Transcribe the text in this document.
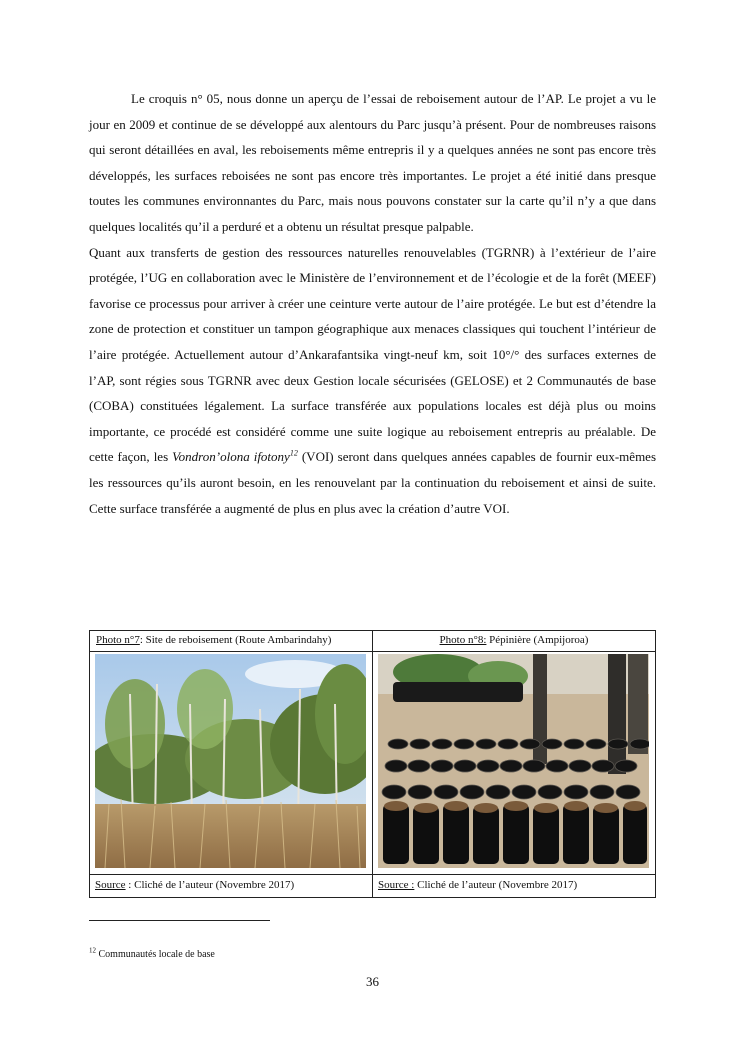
Le croquis n° 05, nous donne un aperçu de l’essai de reboisement autour de l’AP. Le projet a vu le jour en 2009 et continue de se développé aux alentours du Parc jusqu’à présent. Pour de nombreuses raisons qui seront détaillées en aval, les reboisements même entrepris il y a quelques années ne sont pas encore très développés, les surfaces reboisées ne sont pas encore très importantes. Le projet a été initié dans presque toutes les communes environnantes du Parc, mais nous pouvons constater sur la carte qu’il n’y a que dans quelques localités qu’il a perduré et a obtenu un résultat presque palpable.

Quant aux transferts de gestion des ressources naturelles renouvelables (TGRNR) à l’extérieur de l’aire protégée, l’UG en collaboration avec le Ministère de l’environnement et de l’écologie et de la forêt (MEEF) favorise ce processus pour arriver à créer une ceinture verte autour de l’aire protégée. Le but est d’étendre la zone de protection et constituer un tampon géographique aux menaces classiques qui touchent l’intérieur de l’aire protégée. Actuellement autour d’Ankarafantsika vingt-neuf km, soit 10°/° des surfaces externes de l’AP, sont régies sous TGRNR avec deux Gestion locale sécurisées (GELOSE) et 2 Communautés de base (COBA) constituées légalement. La surface transférée aux populations locales est déjà plus ou moins importante, ce procédé est considéré comme une suite logique au reboisement entrepris au préalable. De cette façon, les Vondron’olona ifotony$^{12}$ (VOI) seront dans quelques années capables de fournir eux-mêmes les ressources qu’ils auront besoin, en les renouvelant par la continuation du reboisement et ainsi de suite. Cette surface transférée a augmenté de plus en plus avec la création d’autre VOI.

Photo n°7: Site de reboisement (Route Ambarindahy)	Photo n°8: Pépinière (Ampijoroa)

Source : Cliché de l’auteur (Novembre 2017)	Source : Cliché de l’auteur (Novembre 2017)
$^{12}$ Communautés locale de base
36
